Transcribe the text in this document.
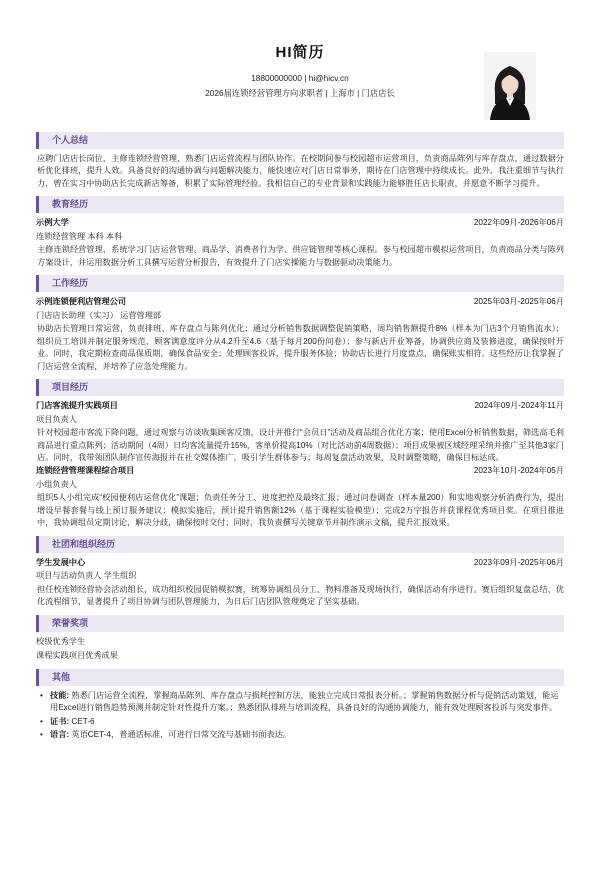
HI简历
18800000000 | hi@hicv.cn
2026届连锁经营管理方向求职者 | 上海市 | 门店店长
个人总结
应聘门店店长岗位，主修连锁经营管理，熟悉门店运营流程与团队协作。在校期间参与校园超市运营项目，负责商品陈列与库存盘点，通过数据分析优化排班，提升人效。具备良好的沟通协调与问题解决能力，能快速应对门店日常事务，期待在门店管理中持续成长。此外，我注重细节与执行力，曾在实习中协助店长完成新店筹备，积累了实际管理经验。我相信自己的专业背景和实践能力能够胜任店长职责，并愿意不断学习提升。
教育经历
示例大学	2022年09月-2026年06月
连锁经营管理 本科 本科
主修连锁经营管理，系统学习门店运营管理、商品学、消费者行为学、供应链管理等核心课程。参与校园超市模拟运营项目，负责商品分类与陈列方案设计，并运用数据分析工具撰写运营分析报告，有效提升了门店实操能力与数据驱动决策能力。
工作经历
示例连锁便利店管理公司	2025年03月-2025年06月
门店店长助理（实习） 运营管理部
协助店长管理日常运营，负责排班、库存盘点与陈列优化；通过分析销售数据调整促销策略，周均销售额提升8%（样本为门店3个月销售流水）；组织员工培训并制定服务规范，顾客满意度评分从4.2升至4.6（基于每月200份问卷）；参与新店开业筹备，协调供应商及装修进度，确保按时开业。同时，我定期检查商品保质期，确保食品安全；处理顾客投诉，提升服务体验；协助店长进行月度盘点，确保账实相符。这些经历让我掌握了门店运营全流程，并培养了应急处理能力。
项目经历
门店客流提升实践项目	2024年09月-2024年11月
项目负责人
针对校园超市客流下降问题，通过观察与访谈收集顾客反馈，设计并推行“会员日”活动及商品组合优化方案；使用Excel分析销售数据，筛选高毛利商品进行重点陈列；活动期间（4周）日均客流量提升15%，客单价提高10%（对比活动前4周数据）；项目成果被区域经理采纳并推广至其他3家门店。同时，我带领团队制作宣传海报并在社交媒体推广，吸引学生群体参与；每周复盘活动效果，及时调整策略，确保目标达成。
连锁经营管理课程综合项目	2023年10月-2024年05月
小组负责人
组织5人小组完成“校园便利店运营优化”课题；负责任务分工、进度把控及最终汇报；通过问卷调查（样本量200）和实地观察分析消费行为，提出增设早餐套餐与线上预订服务建议；模拟实施后，预计提升销售额12%（基于课程实验模型）；完成2万字报告并获课程优秀项目奖。在项目推进中，我协调组员定期讨论，解决分歧，确保按时交付；同时，我负责撰写关键章节并制作演示文稿，提升汇报效果。
社团和组织经历
学生发展中心	2023年09月-2025年06月
项目与活动负责人 学生组织
担任校连锁经营协会活动组长，成功组织校园促销模拟赛，统筹协调组员分工、物料准备及现场执行，确保活动有序进行。赛后组织复盘总结，优化流程细节，显著提升了项目协调与团队管理能力，为日后门店团队管理奠定了坚实基础。
荣誉奖项
校级优秀学生
课程实践项目优秀成果
其他
• 技能: 熟悉门店运营全流程，掌握商品陈列、库存盘点与损耗控制方法，能独立完成日常报表分析。；掌握销售数据分析与促销活动策划，能运用Excel进行销售趋势预测并制定针对性提升方案。；熟悉团队排班与培训流程，具备良好的沟通协调能力，能有效处理顾客投诉与突发事件。
• 证书: CET-6
• 语言: 英语CET-4，普通话标准，可进行日常交流与基础书面表达。
